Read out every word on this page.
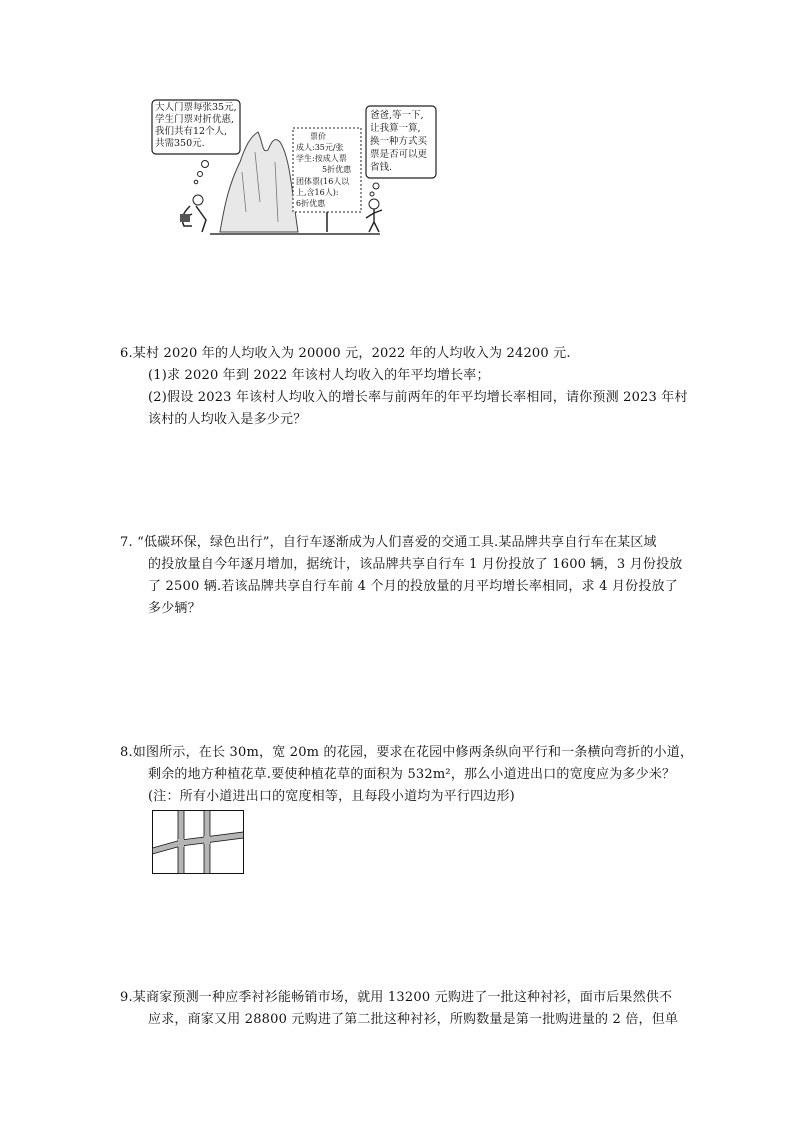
大人门票每张35元,
学生门票对折优惠,
我们共有12个人,
共需350元.
票价
成人:35元/张
学生:按成人票
5折优惠
团体票(16人以
上,含16人):
6折优惠
爸爸,等一下,
让我算一算,
换一种方式买
票是否可以更
省钱.
6.某村 2020 年的人均收入为 20000 元，2022 年的人均收入为 24200 元.
(1)求 2020 年到 2022 年该村人均收入的年平均增长率；
(2)假设 2023 年该村人均收入的增长率与前两年的年平均增长率相同，请你预测 2023 年村
该村的人均收入是多少元？
7. “低碳环保，绿色出行”，自行车逐渐成为人们喜爱的交通工具.某品牌共享自行车在某区域
的投放量自今年逐月增加，据统计，该品牌共享自行车 1 月份投放了 1600 辆，3 月份投放
了 2500 辆.若该品牌共享自行车前 4 个月的投放量的月平均增长率相同，求 4 月份投放了
多少辆？
8.如图所示，在长 30m，宽 20m 的花园，要求在花园中修两条纵向平行和一条横向弯折的小道，
剩余的地方种植花草.要使种植花草的面积为 532m²，那么小道进出口的宽度应为多少米？
(注：所有小道进出口的宽度相等，且每段小道均为平行四边形)
9.某商家预测一种应季衬衫能畅销市场，就用 13200 元购进了一批这种衬衫，面市后果然供不
应求，商家又用 28800 元购进了第二批这种衬衫，所购数量是第一批购进量的 2 倍，但单
